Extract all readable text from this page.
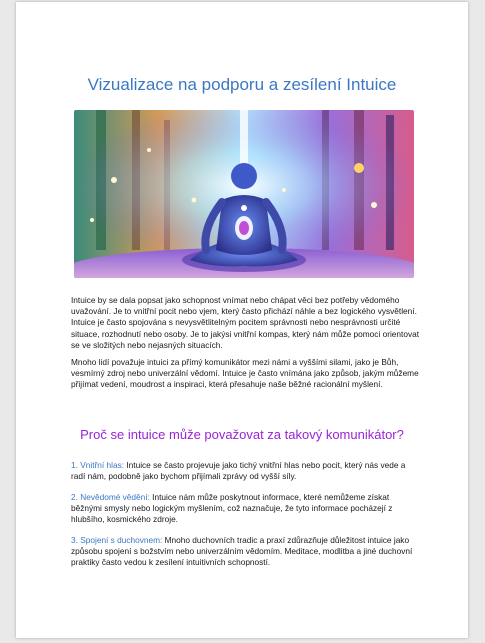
Vizualizace na podporu a zesílení Intuice
Intuice by se dala popsat jako schopnost vnímat nebo chápat věci bez potřeby vědomého uvažování. Je to vnitřní pocit nebo vjem, který často přichází náhle a bez logického vysvětlení. Intuice je často spojována s nevysvětlitelným pocitem správnosti nebo nesprávnosti určité situace, rozhodnutí nebo osoby. Je to jakýsi vnitřní kompas, který nám může pomoci orientovat se ve složitých nebo nejasných situacích.
Mnoho lidí považuje intuici za přímý komunikátor mezi námi a vyššími silami, jako je Bůh, vesmírný zdroj nebo univerzální vědomí. Intuice je často vnímána jako způsob, jakým můžeme přijímat vedení, moudrost a inspiraci, která přesahuje naše běžné racionální myšlení.
Proč se intuice může považovat za takový komunikátor?
1. Vnitřní hlas: Intuice se často projevuje jako tichý vnitřní hlas nebo pocit, který nás vede a radí nám, podobně jako bychom přijímali zprávy od vyšší síly.
2. Nevědomé vědění: Intuice nám může poskytnout informace, které nemůžeme získat běžnými smysly nebo logickým myšlením, což naznačuje, že tyto informace pocházejí z hlubšího, kosmického zdroje.
3. Spojení s duchovnem: Mnoho duchovních tradic a praxí zdůrazňuje důležitost intuice jako způsobu spojení s božstvím nebo univerzálním vědomím. Meditace, modlitba a jiné duchovní praktiky často vedou k zesílení intuitivních schopností.
